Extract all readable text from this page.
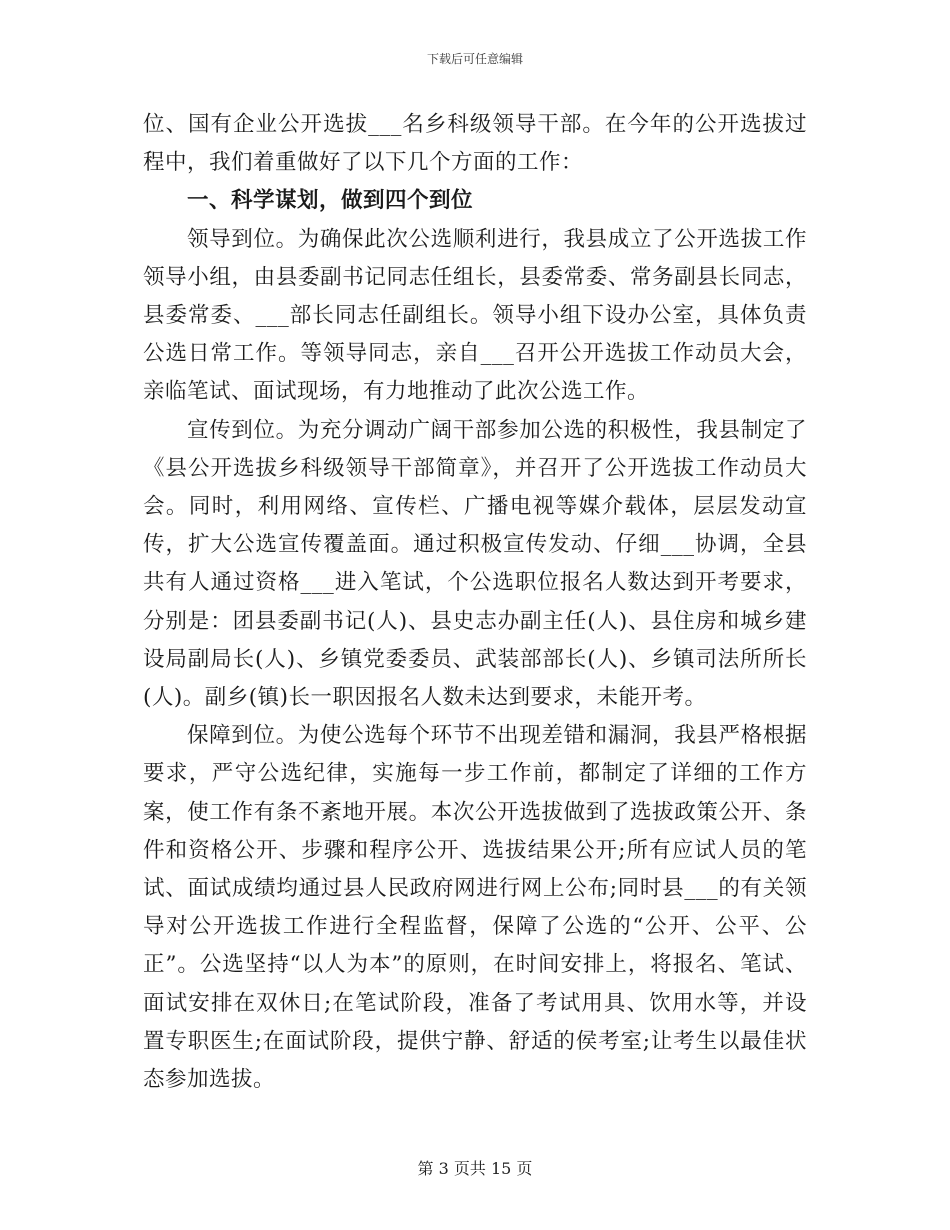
下载后可任意编辑

位、国有企业公开选拔___名乡科级领导干部。在今年的公开选拔过程中，我们着重做好了以下几个方面的工作：

一、科学谋划，做到四个到位

领导到位。为确保此次公选顺利进行，我县成立了公开选拔工作领导小组，由县委副书记同志任组长，县委常委、常务副县长同志，县委常委、___部长同志任副组长。领导小组下设办公室，具体负责公选日常工作。等领导同志，亲自___召开公开选拔工作动员大会，亲临笔试、面试现场，有力地推动了此次公选工作。

宣传到位。为充分调动广阔干部参加公选的积极性，我县制定了《县公开选拔乡科级领导干部简章》，并召开了公开选拔工作动员大会。同时，利用网络、宣传栏、广播电视等媒介载体，层层发动宣传，扩大公选宣传覆盖面。通过积极宣传发动、仔细___协调，全县共有人通过资格___进入笔试，个公选职位报名人数达到开考要求，分别是：团县委副书记(人)、县史志办副主任(人)、县住房和城乡建设局副局长(人)、乡镇党委委员、武装部部长(人)、乡镇司法所所长(人)。副乡(镇)长一职因报名人数未达到要求，未能开考。

保障到位。为使公选每个环节不出现差错和漏洞，我县严格根据要求，严守公选纪律，实施每一步工作前，都制定了详细的工作方案，使工作有条不紊地开展。本次公开选拔做到了选拔政策公开、条件和资格公开、步骤和程序公开、选拔结果公开;所有应试人员的笔试、面试成绩均通过县人民政府网进行网上公布;同时县___的有关领导对公开选拔工作进行全程监督，保障了公选的“公开、公平、公正”。公选坚持“以人为本”的原则，在时间安排上，将报名、笔试、面试安排在双休日;在笔试阶段，准备了考试用具、饮用水等，并设置专职医生;在面试阶段，提供宁静、舒适的侯考室;让考生以最佳状态参加选拔。

第 3 页共 15 页
